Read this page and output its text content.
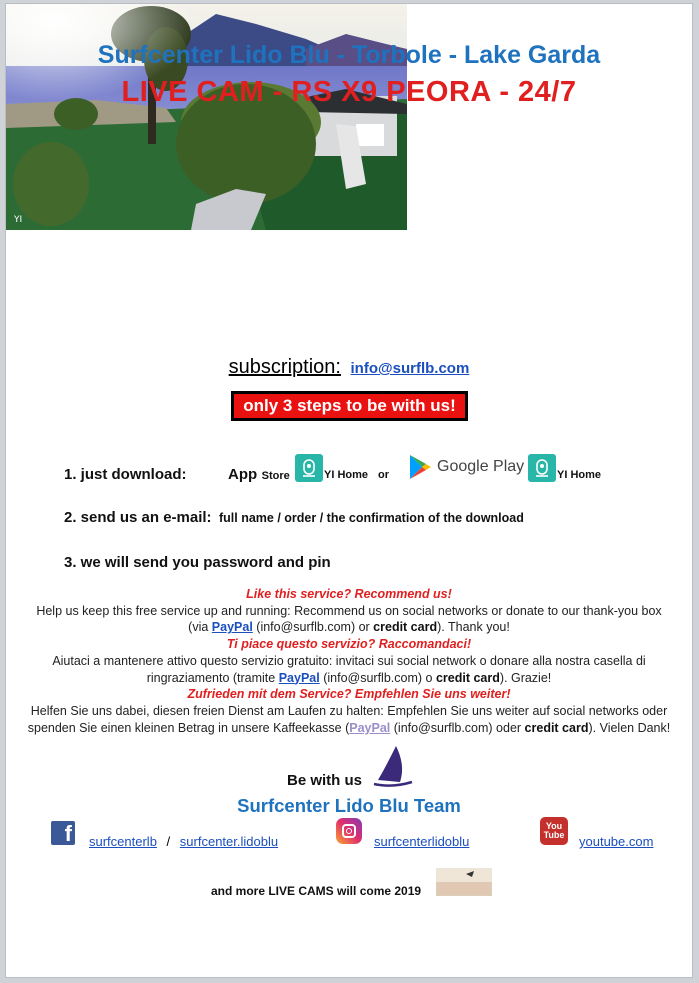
Surfcenter Lido Blu - Torbole - Lake Garda
LIVE CAM - RS X9 PEORA - 24/7
YI
subscription: info@surflb.com
only 3 steps to be with us!
1. just download:	App Store	YI Home or	Google Play	YI Home
2. send us an e-mail: full name / order / the confirmation of the download
3. we will send you password and pin
Like this service? Recommend us!
Help us keep this free service up and running: Recommend us on social networks or donate to our thank-you box
(via PayPal (info@surflb.com) or credit card). Thank you!
Ti piace questo servizio? Raccomandaci!
Aiutaci a mantenere attivo questo servizio gratuito: invitaci sui social network o donare alla nostra casella di
ringraziamento (tramite PayPal (info@surflb.com) o credit card). Grazie!
Zufrieden mit dem Service? Empfehlen Sie uns weiter!
Helfen Sie uns dabei, diesen freien Dienst am Laufen zu halten: Empfehlen Sie uns weiter auf social networks oder
spenden Sie einen kleinen Betrag in unsere Kaffeekasse (PayPal (info@surflb.com) oder credit card). Vielen Dank!
Be with us
Surfcenter Lido Blu Team
f surfcenterlb / surfcenter.lidoblu	surfcenterlidoblu
You Tube youtube.com
and more LIVE CAMS will come 2019
